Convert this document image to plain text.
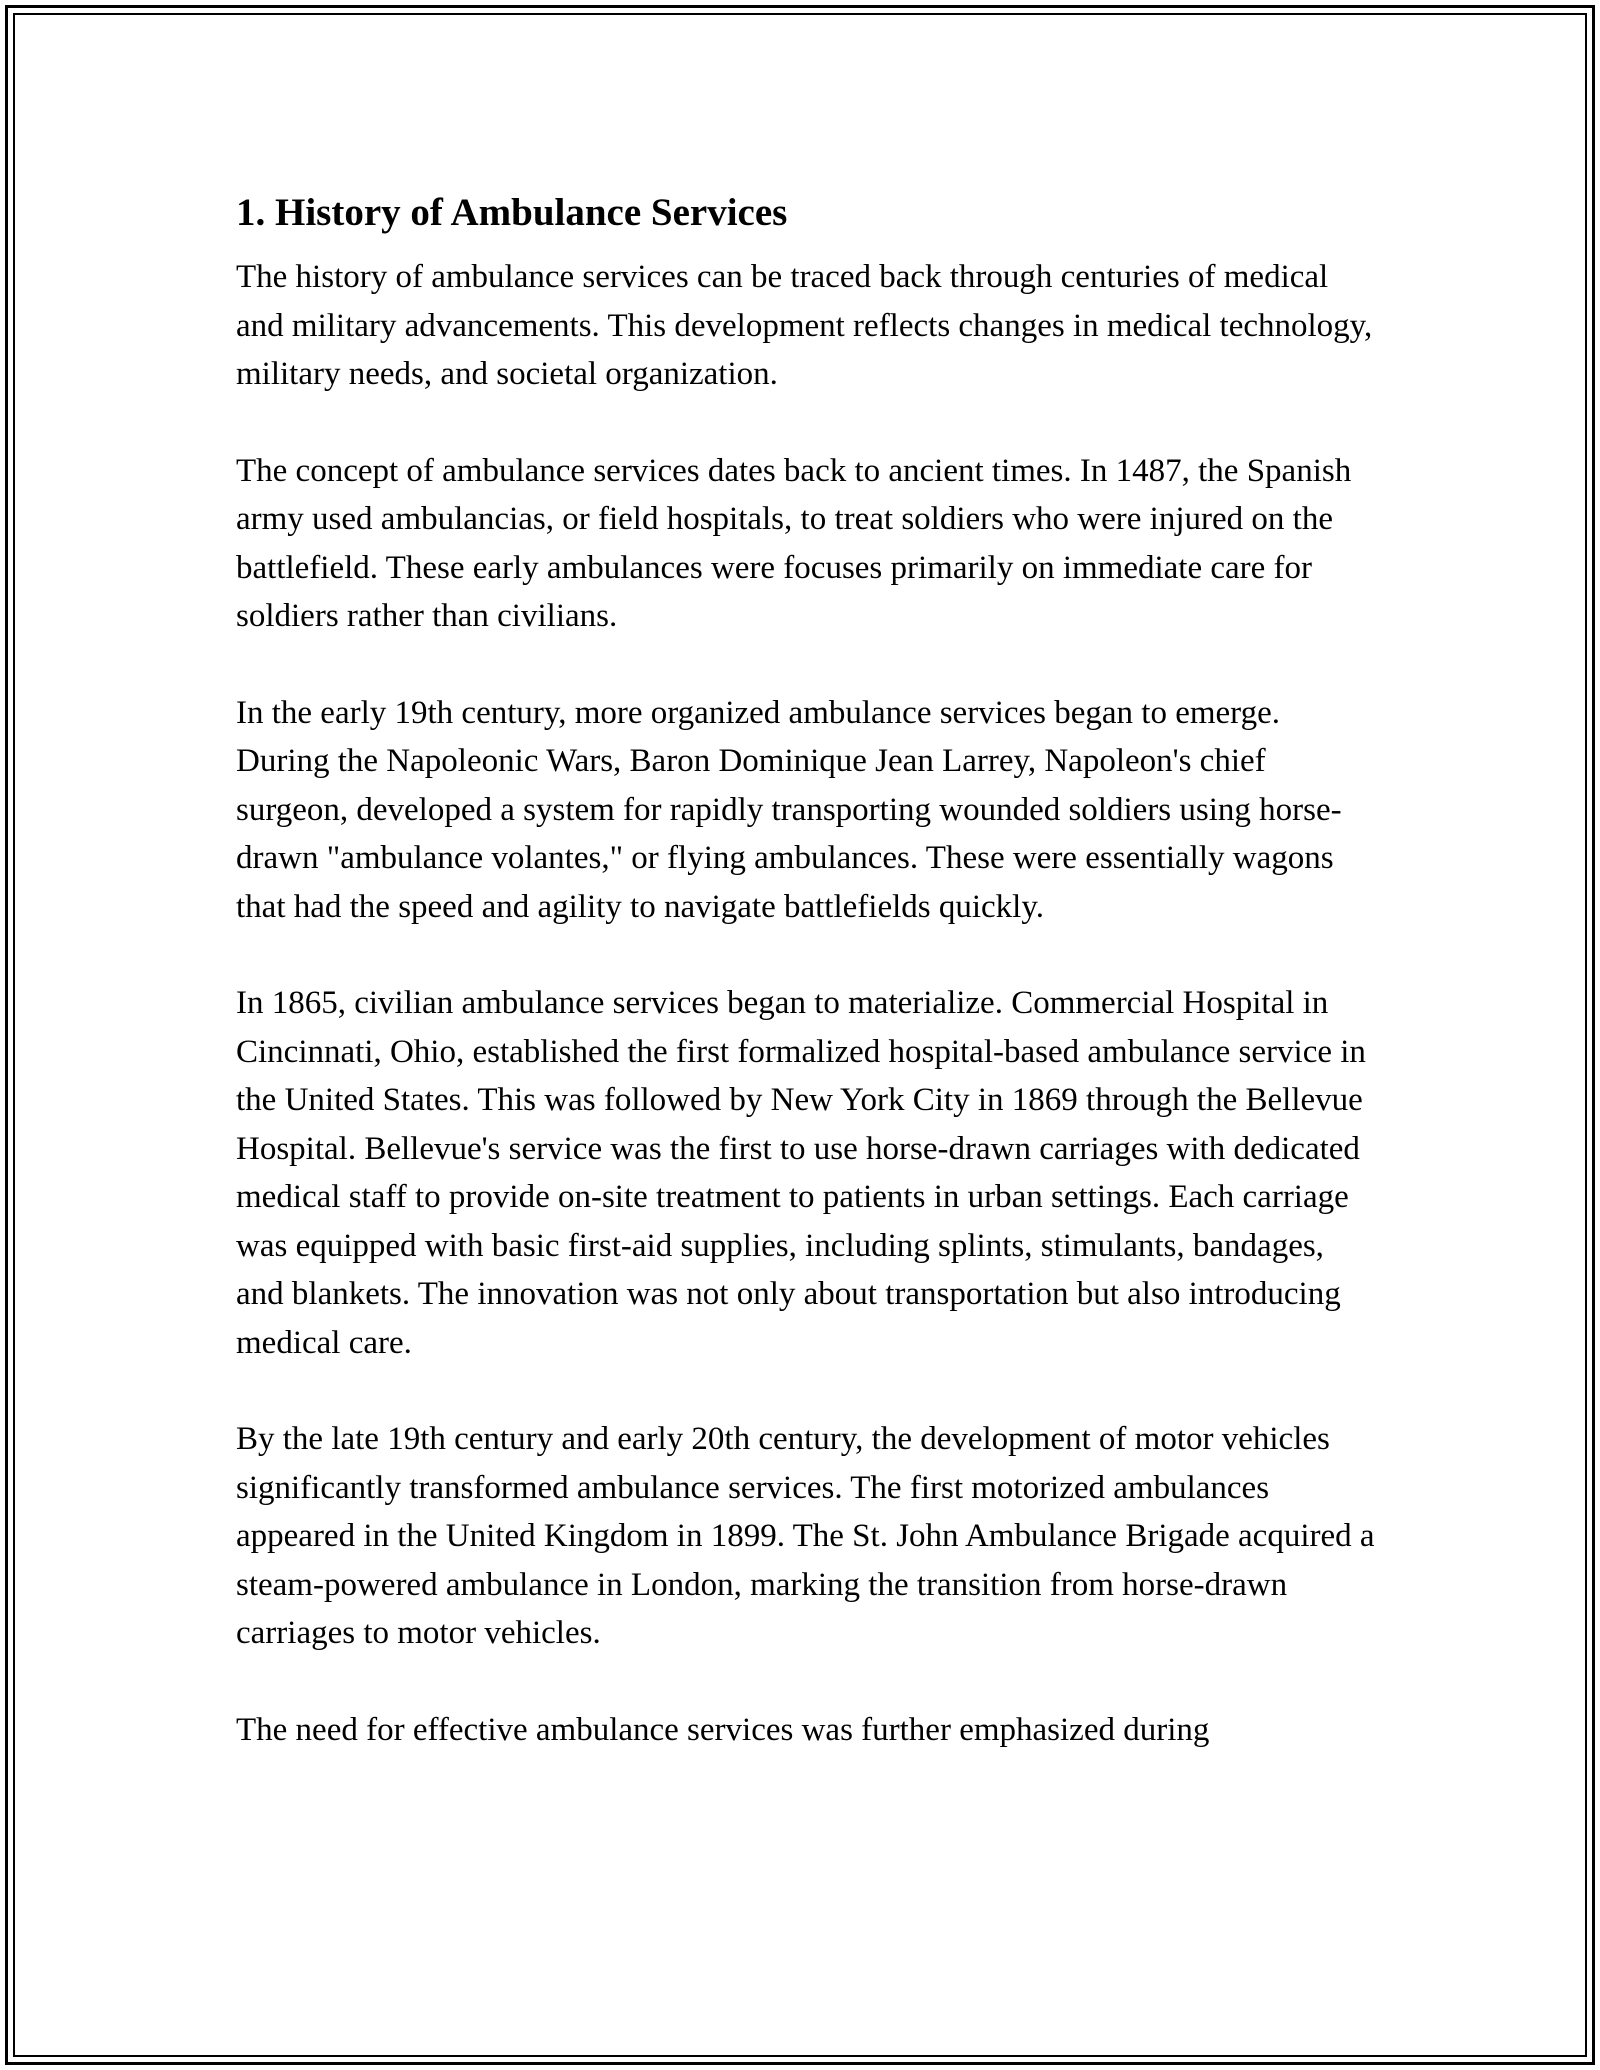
1. History of Ambulance Services

The history of ambulance services can be traced back through centuries of medical and military advancements. This development reflects changes in medical technology, military needs, and societal organization.

The concept of ambulance services dates back to ancient times. In 1487, the Spanish army used ambulancias, or field hospitals, to treat soldiers who were injured on the battlefield. These early ambulances were focuses primarily on immediate care for soldiers rather than civilians.

In the early 19th century, more organized ambulance services began to emerge. During the Napoleonic Wars, Baron Dominique Jean Larrey, Napoleon's chief surgeon, developed a system for rapidly transporting wounded soldiers using horse-drawn "ambulance volantes," or flying ambulances. These were essentially wagons that had the speed and agility to navigate battlefields quickly.

In 1865, civilian ambulance services began to materialize. Commercial Hospital in Cincinnati, Ohio, established the first formalized hospital-based ambulance service in the United States. This was followed by New York City in 1869 through the Bellevue Hospital. Bellevue's service was the first to use horse-drawn carriages with dedicated medical staff to provide on-site treatment to patients in urban settings. Each carriage was equipped with basic first-aid supplies, including splints, stimulants, bandages, and blankets. The innovation was not only about transportation but also introducing medical care.

By the late 19th century and early 20th century, the development of motor vehicles significantly transformed ambulance services. The first motorized ambulances appeared in the United Kingdom in 1899. The St. John Ambulance Brigade acquired a steam-powered ambulance in London, marking the transition from horse-drawn carriages to motor vehicles.

The need for effective ambulance services was further emphasized during
